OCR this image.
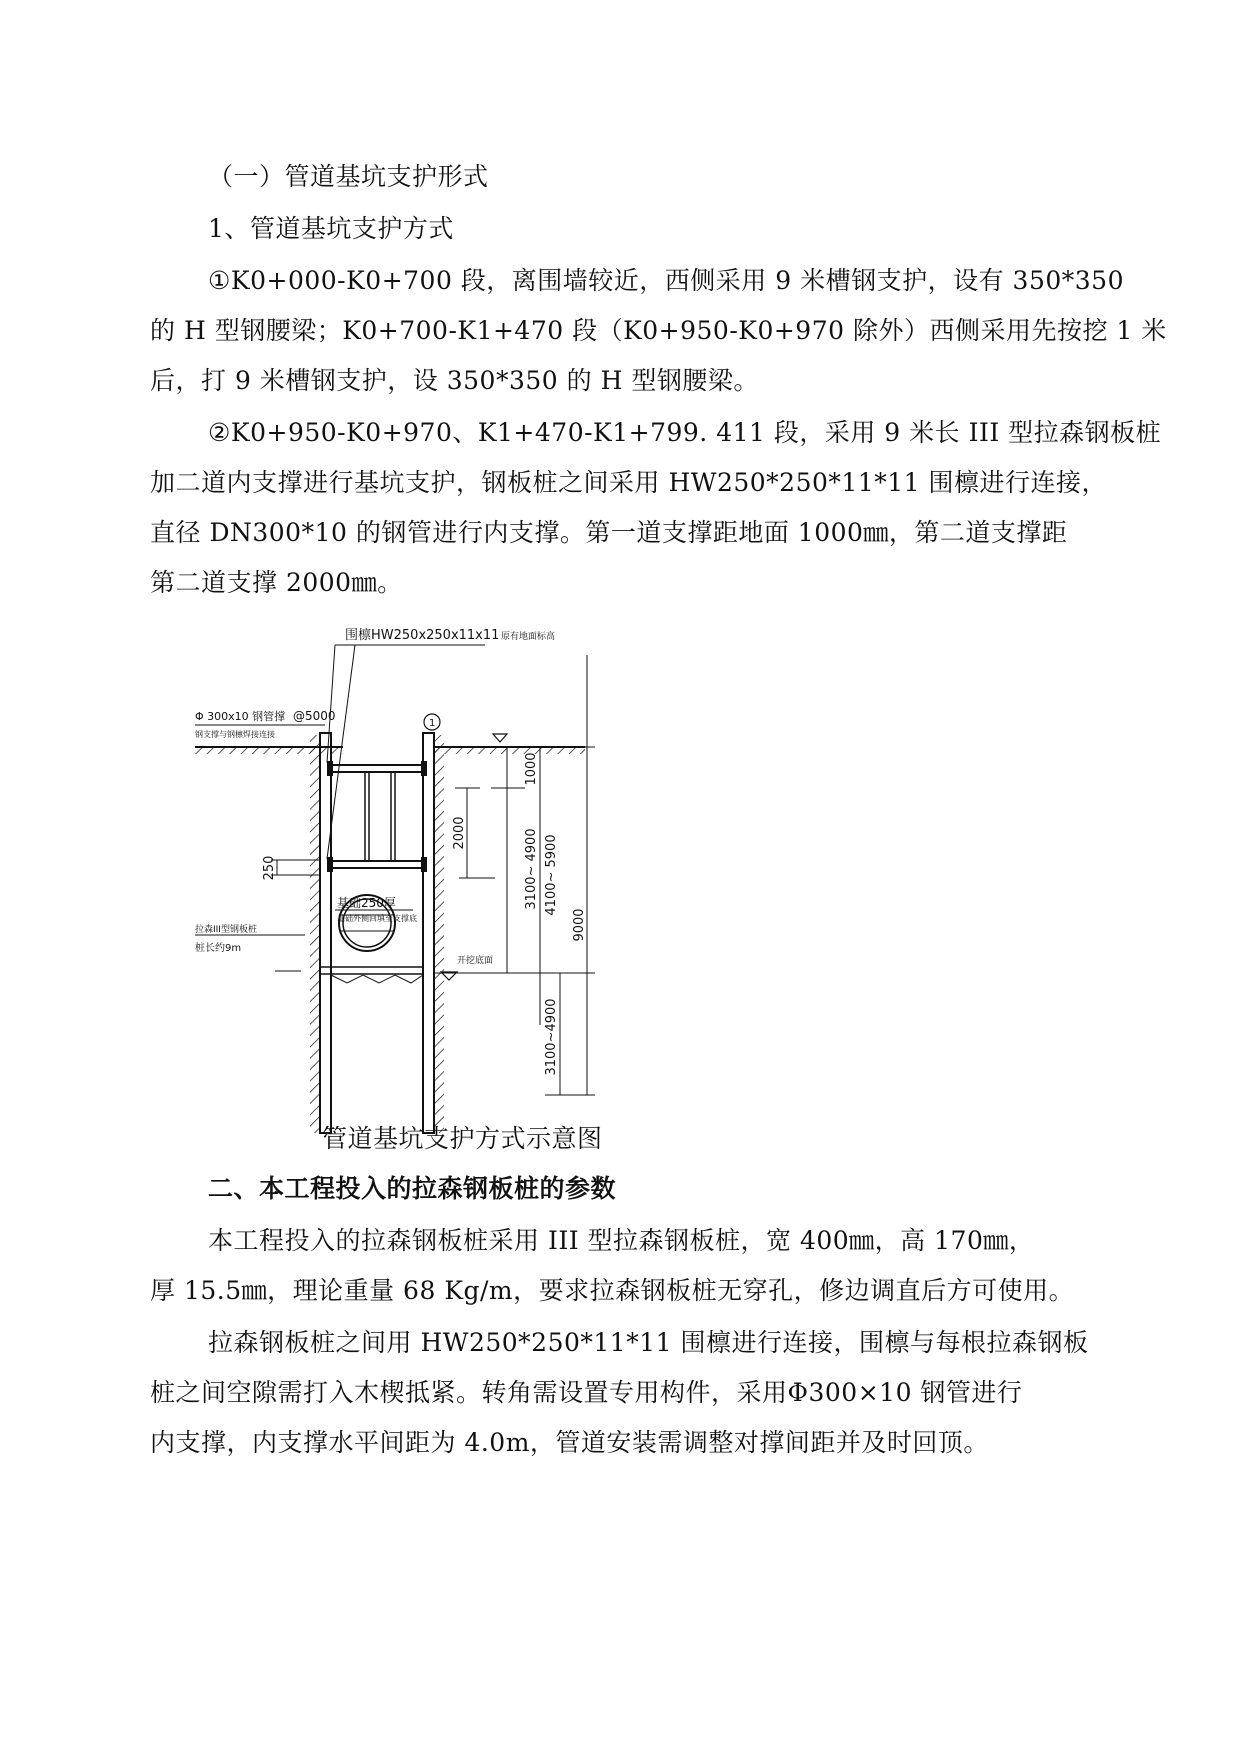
（一）管道基坑支护形式
1、管道基坑支护方式
①K0+000-K0+700 段，离围墙较近，西侧采用 9 米槽钢支护，设有 350*350
的 H 型钢腰梁；K0+700-K1+470 段（K0+950-K0+970 除外）西侧采用先按挖 1 米
后，打 9 米槽钢支护，设 350*350 的 H 型钢腰梁。
②K0+950-K0+970、K1+470-K1+799. 411 段，采用 9 米长 III 型拉森钢板桩
加二道内支撑进行基坑支护，钢板桩之间采用 HW250*250*11*11 围檩进行连接，
直径 DN300*10 的钢管进行内支撑。第一道支撑距地面 1000㎜，第二道支撑距
第二道支撑 2000㎜。
围檩HW250x250x11x11 原有地面标高
Φ 300x10 钢管撑 @5000
钢支撑与钢檩焊接连接
1
开挖底面
基础250厚
基础外侧回填至支撑底
拉森III型钢板桩
桩长约9m
1000
2000	3100~ 4900 4100~ 5900
9000
3100~4900
250
管道基坑支护方式示意图
二、本工程投入的拉森钢板桩的参数
本工程投入的拉森钢板桩采用 III 型拉森钢板桩，宽 400㎜，高 170㎜，
厚 15.5㎜，理论重量 68 Kg/m，要求拉森钢板桩无穿孔，修边调直后方可使用。
拉森钢板桩之间用 HW250*250*11*11 围檩进行连接，围檩与每根拉森钢板
桩之间空隙需打入木楔抵紧。转角需设置专用构件，采用Φ300×10 钢管进行
内支撑，内支撑水平间距为 4.0m，管道安装需调整对撑间距并及时回顶。
